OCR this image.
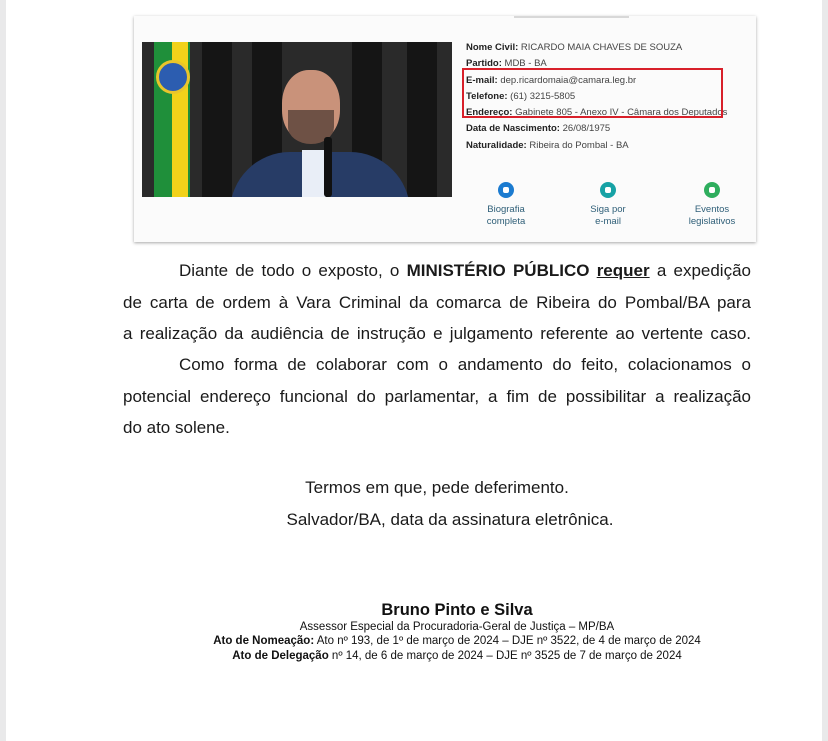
Nome Civil: RICARDO MAIA CHAVES DE SOUZA
Partido: MDB - BA
E-mail: dep.ricardomaia@camara.leg.br
Telefone: (61) 3215-5805
Endereço: Gabinete 805 - Anexo IV - Câmara dos Deputados
Data de Nascimento: 26/08/1975
Naturalidade: Ribeira do Pombal - BA
Biografia
completa
Siga por
e-mail
Eventos
legislativos
Diante de todo o exposto, o MINISTÉRIO PÚBLICO requer a expedição
de carta de ordem à Vara Criminal da comarca de Ribeira do Pombal/BA para
a realização da audiência de instrução e julgamento referente ao vertente caso.
Como forma de colaborar com o andamento do feito, colacionamos o
potencial endereço funcional do parlamentar, a fim de possibilitar a realização
do ato solene.
Termos em que, pede deferimento.
Salvador/BA, data da assinatura eletrônica.
Bruno Pinto e Silva
Assessor Especial da Procuradoria-Geral de Justiça – MP/BA
Ato de Nomeação: Ato nº 193, de 1º de março de 2024 – DJE nº 3522, de 4 de março de 2024
Ato de Delegação nº 14, de 6 de março de 2024 – DJE nº 3525 de 7 de março de 2024
